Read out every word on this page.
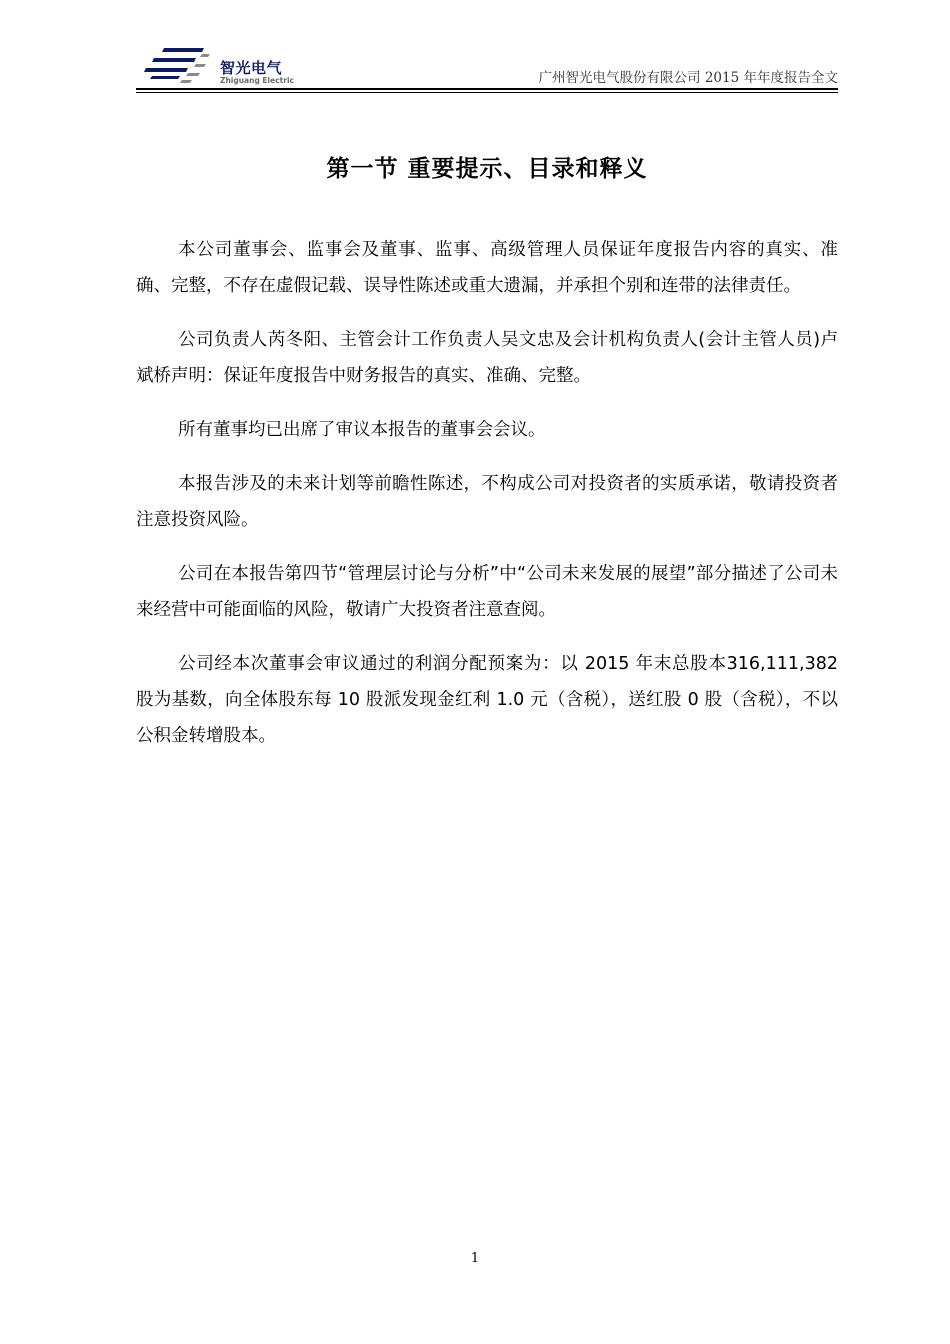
智光电气
Zhiguang Electric	广州智光电气股份有限公司 2015 年年度报告全文
第一节 重要提示、目录和释义

本公司董事会、监事会及董事、监事、高级管理人员保证年度报告内容的真实、准确、完整，不存在虚假记载、误导性陈述或重大遗漏，并承担个别和连带的法律责任。

公司负责人芮冬阳、主管会计工作负责人吴文忠及会计机构负责人(会计主管人员)卢斌桥声明：保证年度报告中财务报告的真实、准确、完整。

所有董事均已出席了审议本报告的董事会会议。

本报告涉及的未来计划等前瞻性陈述，不构成公司对投资者的实质承诺，敬请投资者注意投资风险。

公司在本报告第四节“管理层讨论与分析”中“公司未来发展的展望”部分描述了公司未来经营中可能面临的风险，敬请广大投资者注意查阅。

公司经本次董事会审议通过的利润分配预案为：以 2015 年末总股本316,111,382 股为基数，向全体股东每 10 股派发现金红利 1.0 元（含税），送红股 0 股（含税），不以公积金转增股本。

1
